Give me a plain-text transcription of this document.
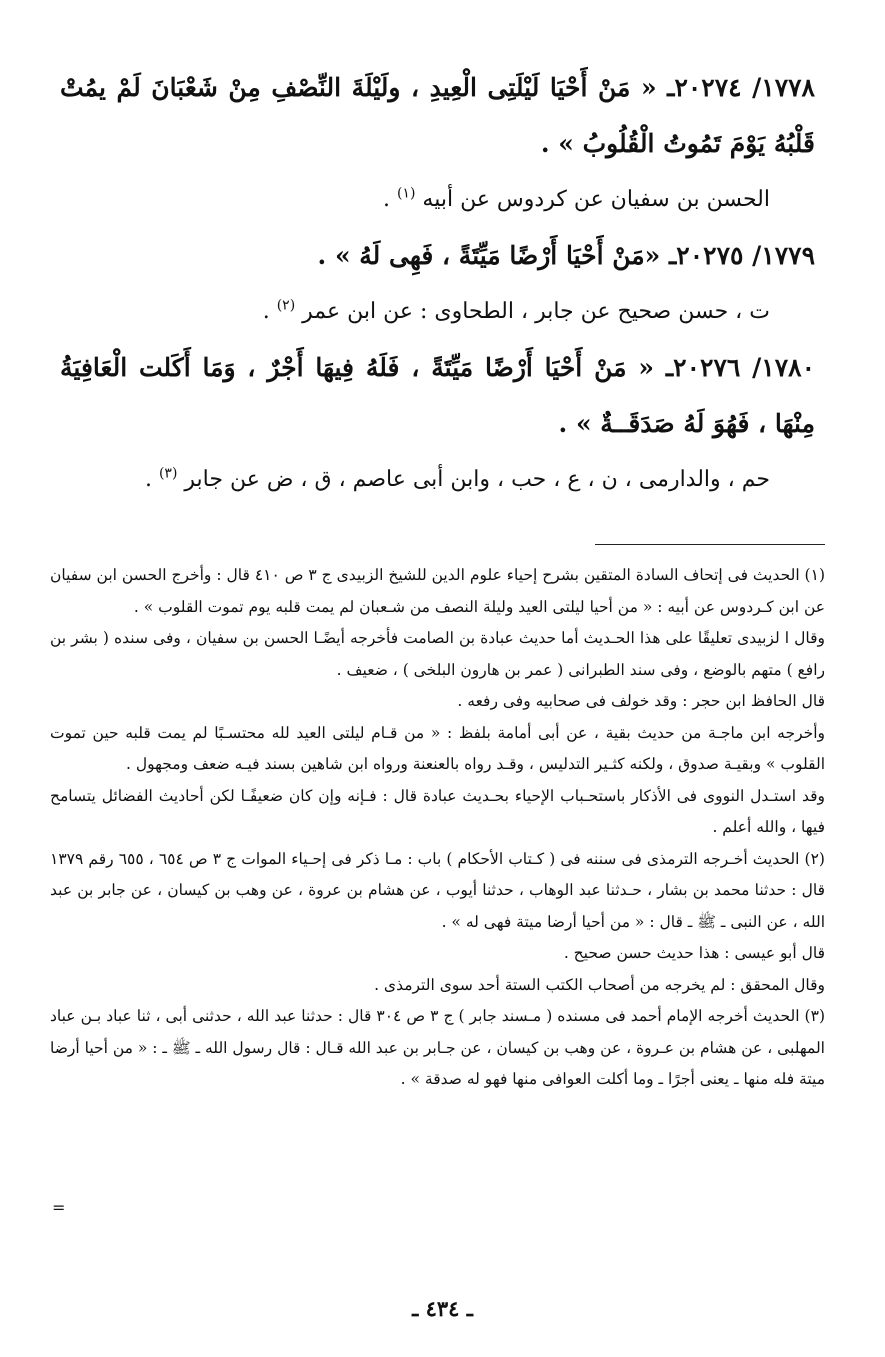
١٧٧٨/ ٢٠٢٧٤ـ « مَنْ أَحْيَا لَيْلَتِى الْعِيدِ ، ولَيْلَةَ النِّصْفِ مِنْ شَعْبَانَ لَمْ يمُتْ قَلْبُهُ يَوْمَ تَمُوتُ الْقُلُوبُ » .

الحسن بن سفيان عن كردوس عن أبيه $^{(١)}$ .

١٧٧٩/ ٢٠٢٧٥ـ «مَنْ أَحْيَا أَرْضًا مَيِّتَةً ، فَهِى لَهُ » .

ت ، حسن صحيح عن جابر ، الطحاوى : عن ابن عمر $^{(٢)}$ .

١٧٨٠/ ٢٠٢٧٦ـ « مَنْ أَحْيَا أَرْضًا مَيِّتَةً ، فَلَهُ فِيهَا أَجْرٌ ، وَمَا أَكَلت الْعَافِيَةُ مِنْهَا ، فَهُوَ لَهُ صَدَقَــةٌ » .

حم ، والدارمى ، ن ، ع ، حب ، وابن أبى عاصم ، ق ، ض عن جابر $^{(٣)}$ .

(١) الحديث فى إتحاف السادة المتقين بشرح إحياء علوم الدين للشيخ الزبيدى ج ٣ ص ٤١٠ قال : وأخرج الحسن ابن سفيان عن ابن كـردوس عن أبيه : « من أحيا ليلتى العيد وليلة النصف من شـعبان لم يمت قلبه يوم تموت القلوب » .

وقال ا لزبيدى تعليقًا على هذا الحـديث أما حديث عبادة بن الصامت فأخرجه أيضًـا الحسن بن سفيان ، وفى سنده ( بشر بن رافع ) متهم بالوضع ، وفى سند الطبرانى ( عمر بن هارون البلخى ) ، ضعيف .

قال الحافظ ابن حجر : وقد خولف فى صحابيه وفى رفعه .

وأخرجه ابن ماجـة من حديث بقية ، عن أبى أمامة بلفظ : « من قـام ليلتى العيد لله محتسـبًا لم يمت قلبه حين تموت القلوب » وبقيـة صدوق ، ولكنه كثـير التدليس ، وقـد رواه بالعنعنة ورواه ابن شاهين بسند فيـه ضعف ومجهول .

وقد استـدل النووى فى الأذكار باستحـباب الإحياء بحـديث عبادة قال : فـإنه وإن كان ضعيفًـا لكن أحاديث الفضائل يتسامح فيها ، والله أعلم .

(٢) الحديث أخـرجه الترمذى فى سننه فى ( كـتاب الأحكام ) باب : مـا ذكر فى إحـياء الموات ج ٣ ص ٦٥٤ ، ٦٥٥ رقم ١٣٧٩ قال : حدثنا محمد بن بشار ، حـدثنا عبد الوهاب ، حدثنا أيوب ، عن هشام بن عروة ، عن وهب بن كيسان ، عن جابر بن عبد الله ، عن النبى ـ ﷺ ـ قال : « من أحيا أرضا ميتة فهى له » .

قال أبو عيسى : هذا حديث حسن صحيح .

وقال المحقق : لم يخرجه من أصحاب الكتب الستة أحد سوى الترمذى .

(٣) الحديث أخرجه الإمام أحمد فى مسنده ( مـسند جابر ) ج ٣ ص ٣٠٤ قال : حدثنا عبد الله ، حدثنى أبى ، ثنا عباد بـن عباد المهلبى ، عن هشام بن عـروة ، عن وهب بن كيسان ، عن جـابر بن عبد الله قـال : قال رسول الله ـ ﷺ ـ : « من أحيا أرضا ميتة فله منها ـ يعنى أجرًا ـ وما أكلت العوافى منها فهو له صدقة » .

=
ـ ٤٣٤ ـ
